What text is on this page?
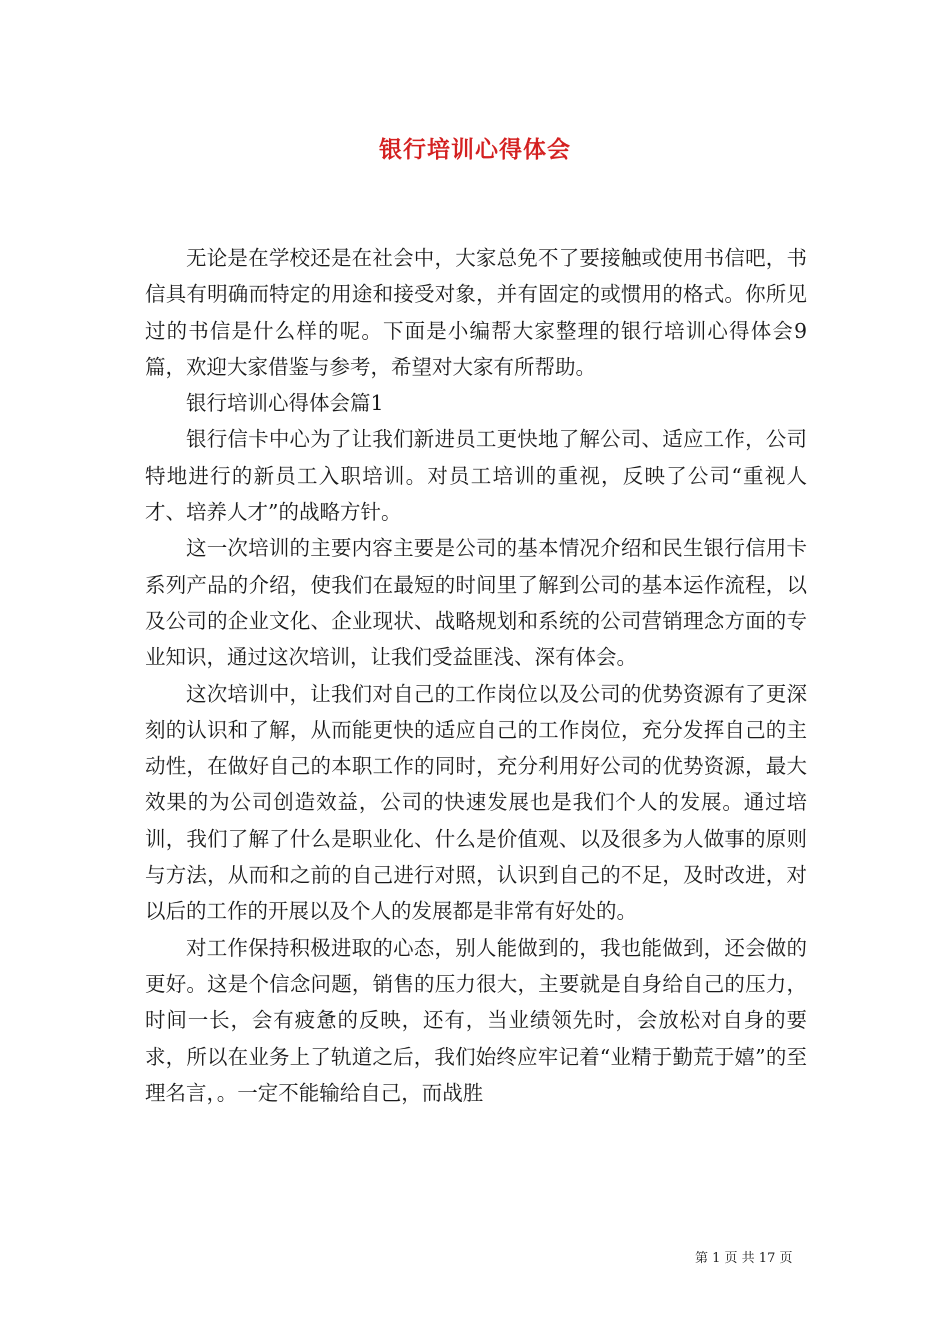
银行培训心得体会

无论是在学校还是在社会中，大家总免不了要接触或使用书信吧，书信具有明确而特定的用途和接受对象，并有固定的或惯用的格式。你所见过的书信是什么样的呢。下面是小编帮大家整理的银行培训心得体会9篇，欢迎大家借鉴与参考，希望对大家有所帮助。

银行培训心得体会篇1

银行信卡中心为了让我们新进员工更快地了解公司、适应工作，公司特地进行的新员工入职培训。对员工培训的重视，反映了公司“重视人才、培养人才”的战略方针。

这一次培训的主要内容主要是公司的基本情况介绍和民生银行信用卡系列产品的介绍，使我们在最短的时间里了解到公司的基本运作流程，以及公司的企业文化、企业现状、战略规划和系统的公司营销理念方面的专业知识，通过这次培训，让我们受益匪浅、深有体会。

这次培训中，让我们对自己的工作岗位以及公司的优势资源有了更深刻的认识和了解，从而能更快的适应自己的工作岗位，充分发挥自己的主动性，在做好自己的本职工作的同时，充分利用好公司的优势资源，最大效果的为公司创造效益，公司的快速发展也是我们个人的发展。通过培训，我们了解了什么是职业化、什么是价值观、以及很多为人做事的原则与方法，从而和之前的自己进行对照，认识到自己的不足，及时改进，对以后的工作的开展以及个人的发展都是非常有好处的。

对工作保持积极进取的心态，别人能做到的，我也能做到，还会做的更好。这是个信念问题，销售的压力很大，主要就是自身给自己的压力，时间一长，会有疲惫的反映，还有，当业绩领先时，会放松对自身的要求，所以在业务上了轨道之后，我们始终应牢记着“业精于勤荒于嬉”的至理名言，。一定不能输给自己，而战胜

第 1 页 共 17 页
